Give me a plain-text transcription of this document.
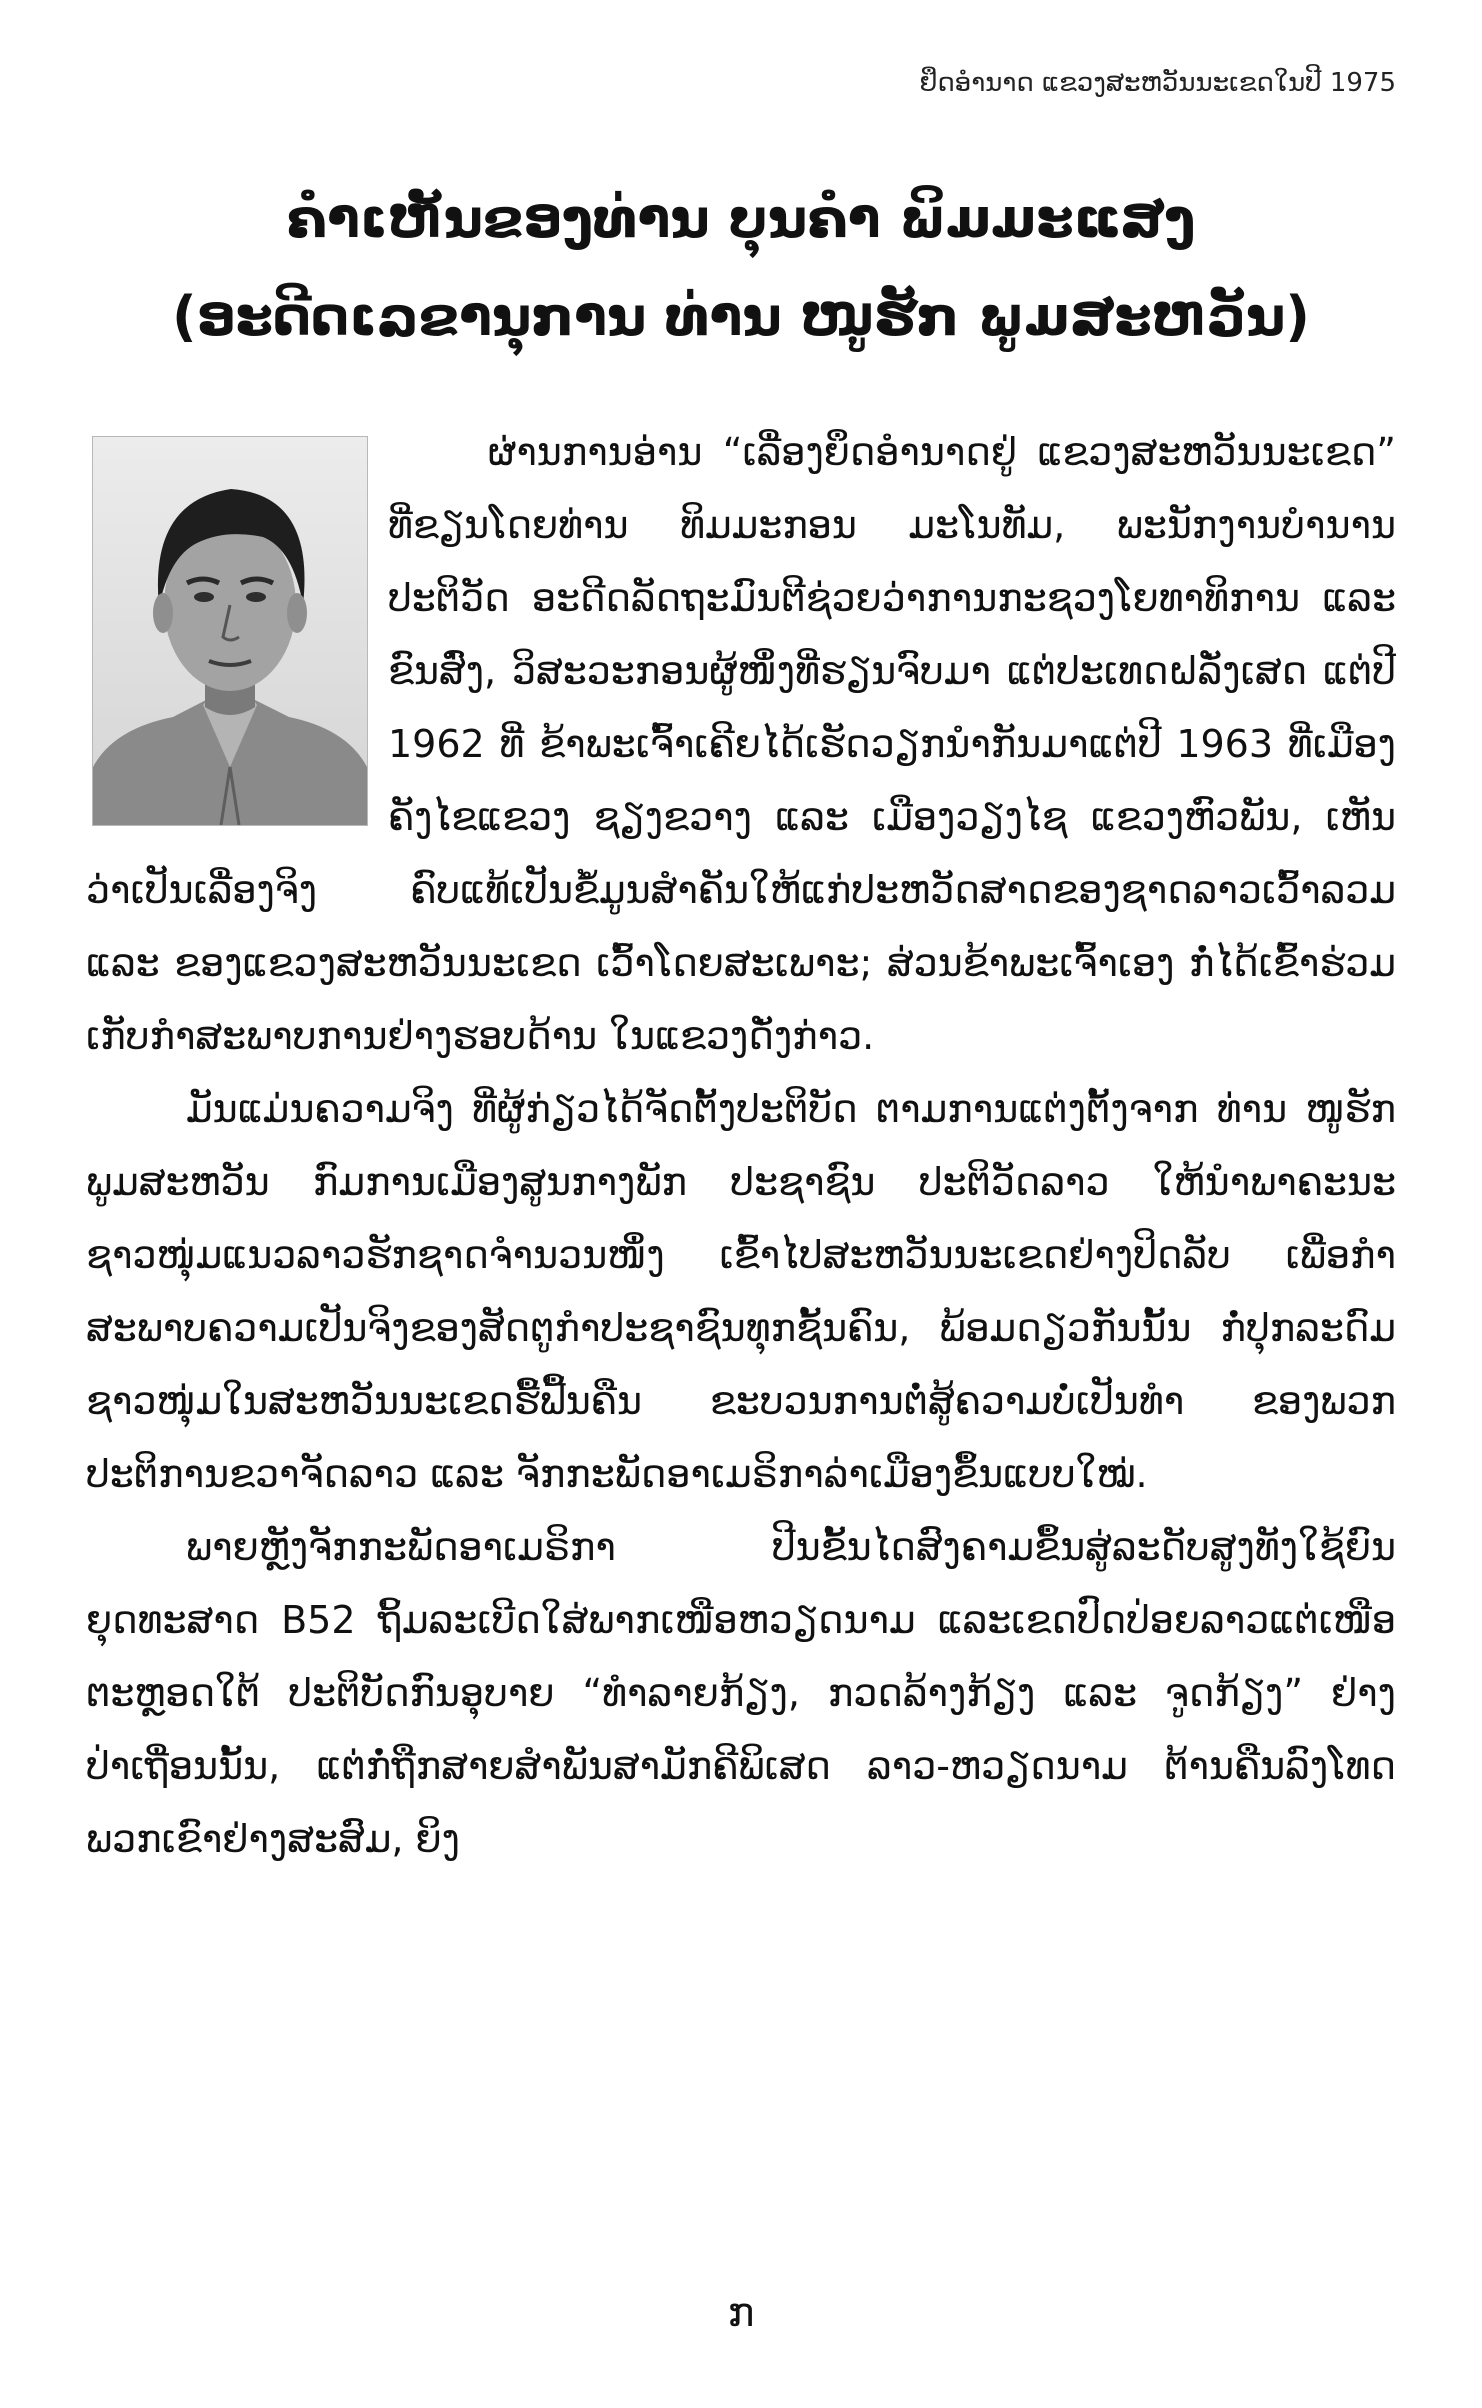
ຢຶດອຳນາດ ແຂວງສະຫວັນນະເຂດໃນປີ 1975
ຄຳເຫັນຂອງທ່ານ ບຸນຄຳ ພິມມະແສງ
(ອະດີດເລຂານຸການ ທ່ານ ໜູຮັກ ພູມສະຫວັນ)

ຜ່ານການອ່ານ “ເລື່ອງຍຶດອຳນາດຢູ່ ແຂວງສະຫວັນນະເຂດ” ທີ່ຂຽນໂດຍທ່ານ ທິມມະກອນ ມະໂນທັມ, ພະນັກງານບຳນານປະຕິວັດ ອະດີດລັດຖະມົນຕີຊ່ວຍວ່າການກະຊວງໂຍທາທິການ ແລະຂົນສົ່ງ, ວິສະວະກອນຜູ້ໜຶ່ງທີ່ຮຽນຈົບມາ ແຕ່ປະເທດຝລັ່ງເສດ ແຕ່ປີ 1962 ທີ່ ຂ້າພະເຈົ້າເຄີຍໄດ້ເຮັດວຽກນຳກັນມາແຕ່ປີ 1963 ທີ່ເມືອງ ຄັງໄຂແຂວງ ຊຽງຂວາງ ແລະ ເມືອງວຽງໄຊ ແຂວງຫົວພັນ, ເຫັນວ່າເປັນເລື່ອງຈິງ ຄົບແທ້ເປັນຂໍ້ມູນສຳຄັນໃຫ້ແກ່ປະຫວັດສາດຂອງຊາດລາວເວົ້າລວມ ແລະ ຂອງແຂວງສະຫວັນນະເຂດ ເວົ້າໂດຍສະເພາະ; ສ່ວນຂ້າພະເຈົ້າເອງ ກໍ່ໄດ້ເຂົ້າຮ່ວມເກັບກຳສະພາບການຢ່າງຮອບດ້ານ ໃນແຂວງດັ່ງກ່າວ.

ມັນແມ່ນຄວາມຈິງ ທີ່ຜູ້ກ່ຽວໄດ້ຈັດຕັ້ງປະຕິບັດ ຕາມການແຕ່ງຕັ້ງຈາກ ທ່ານ ໜູຮັກ ພູມສະຫວັນ ກົມການເມືອງສູນກາງພັກ ປະຊາຊົນ ປະຕິວັດລາວ ໃຫ້ນຳພາຄະນະຊາວໜຸ່ມແນວລາວຮັກຊາດຈຳນວນໜຶ່ງ ເຂົ້າໄປສະຫວັນນະເຂດຢ່າງປິດລັບ ເພື່ອກຳສະພາບຄວາມເປັນຈິງຂອງສັດຕູກຳປະຊາຊົນທຸກຊັ້ນຄົນ, ພ້ອມດຽວກັນນັ້ນ ກໍ່ປຸກລະດົມຊາວໜຸ່ມໃນສະຫວັນນະເຂດຮື້ຟື້ນຄືນ ຂະບວນການຕໍ່ສູ້ຄວາມບໍ່ເປັນທຳ ຂອງພວກປະຕິການຂວາຈັດລາວ ແລະ ຈັກກະພັດອາເມຣິກາລ່າເມືອງຂຶ້ນແບບໃໝ່.

ພາຍຫຼັງຈັກກະພັດອາເມຣິກາ ປີນຂັ້ນໄດສົງຄາມຂຶ້ນສູ່ລະດັບສູງທັງໃຊ້ຍົນຍຸດທະສາດ B52 ຖິ້ມລະເບີດໃສ່ພາກເໜືອຫວຽດນາມ ແລະເຂດປົດປ່ອຍລາວແຕ່ເໜືອຕະຫຼອດໃຕ້ ປະຕິບັດກົນອຸບາຍ “ທຳລາຍກ້ຽງ, ກວດລ້າງກ້ຽງ ແລະ ຈູດກ້ຽງ” ຢ່າງປ່າເຖື່ອນນັ້ນ, ແຕ່ກໍ່ຖືກສາຍສຳພັນສາມັກຄີພິເສດ ລາວ-ຫວຽດນາມ ຕ້ານຄືນລົງໂທດພວກເຂົາຢ່າງສະສົມ, ຍິງ

ກ
